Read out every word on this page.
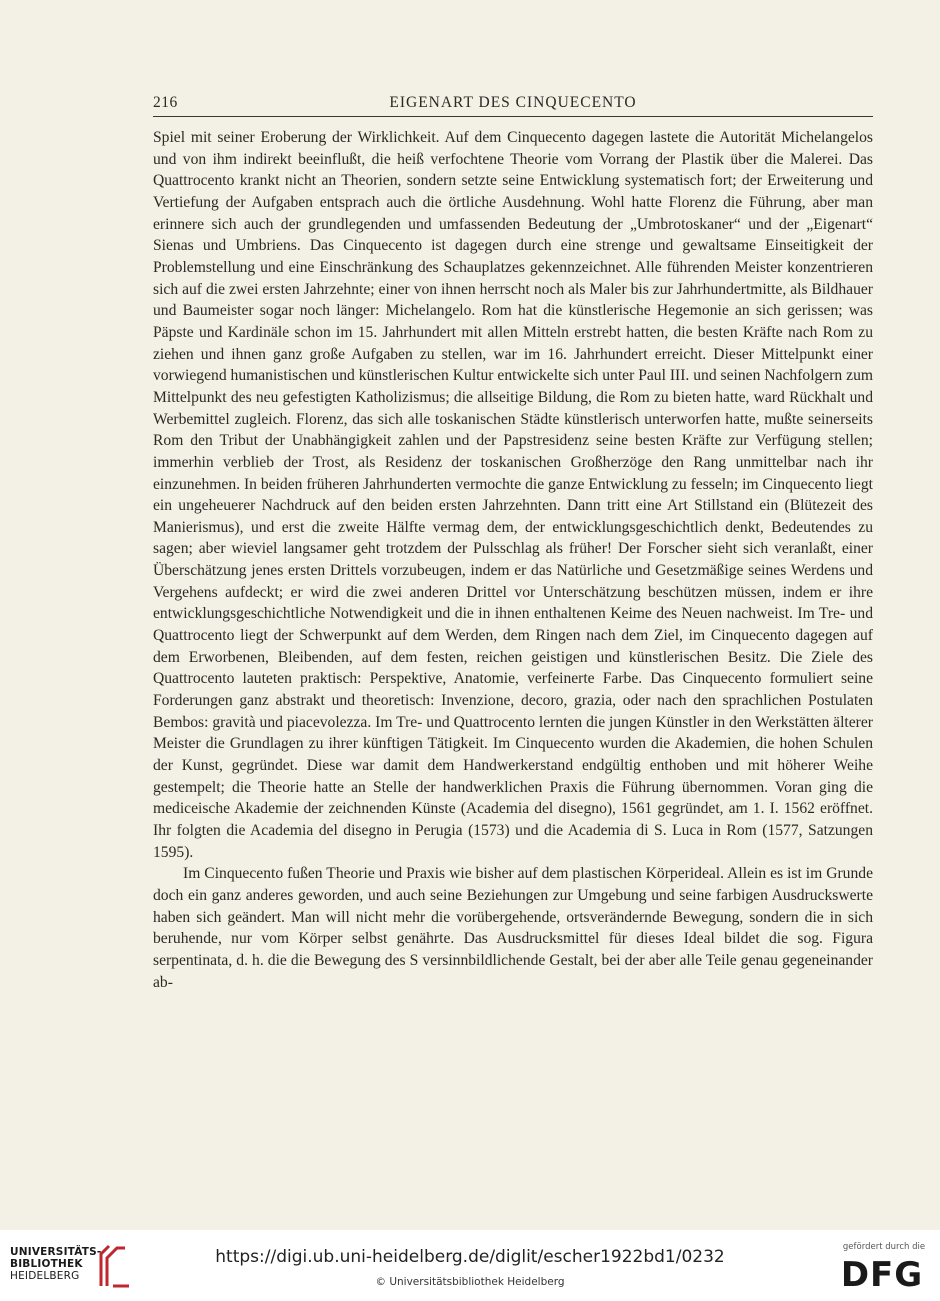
216	EIGENART DES CINQUECENTO

Spiel mit seiner Eroberung der Wirklichkeit. Auf dem Cinquecento dagegen lastete die Autorität Michelangelos und von ihm indirekt beeinflußt, die heiß verfochtene Theorie vom Vorrang der Plastik über die Malerei. Das Quattrocento krankt nicht an Theorien, sondern setzte seine Entwicklung systematisch fort; der Erweiterung und Vertiefung der Aufgaben entsprach auch die örtliche Ausdehnung. Wohl hatte Florenz die Führung, aber man erinnere sich auch der grundlegenden und umfassenden Bedeutung der „Umbrotoskaner“ und der „Eigenart“ Sienas und Umbriens. Das Cinquecento ist dagegen durch eine strenge und gewaltsame Einseitigkeit der Problemstellung und eine Einschränkung des Schauplatzes gekennzeichnet. Alle führenden Meister konzentrieren sich auf die zwei ersten Jahrzehnte; einer von ihnen herrscht noch als Maler bis zur Jahrhundertmitte, als Bildhauer und Baumeister sogar noch länger: Michelangelo. Rom hat die künstlerische Hegemonie an sich gerissen; was Päpste und Kardinäle schon im 15. Jahrhundert mit allen Mitteln erstrebt hatten, die besten Kräfte nach Rom zu ziehen und ihnen ganz große Aufgaben zu stellen, war im 16. Jahrhundert erreicht. Dieser Mittelpunkt einer vorwiegend humanistischen und künstlerischen Kultur entwickelte sich unter Paul III. und seinen Nachfolgern zum Mittelpunkt des neu gefestigten Katholizismus; die allseitige Bildung, die Rom zu bieten hatte, ward Rückhalt und Werbemittel zugleich. Florenz, das sich alle toskanischen Städte künstlerisch unterworfen hatte, mußte seinerseits Rom den Tribut der Unabhängigkeit zahlen und der Papstresidenz seine besten Kräfte zur Verfügung stellen; immerhin verblieb der Trost, als Residenz der toskanischen Großherzöge den Rang unmittelbar nach ihr einzunehmen. In beiden früheren Jahrhunderten vermochte die ganze Entwicklung zu fesseln; im Cinquecento liegt ein ungeheuerer Nachdruck auf den beiden ersten Jahrzehnten. Dann tritt eine Art Stillstand ein (Blütezeit des Manierismus), und erst die zweite Hälfte vermag dem, der entwicklungsgeschichtlich denkt, Bedeutendes zu sagen; aber wieviel langsamer geht trotzdem der Pulsschlag als früher! Der Forscher sieht sich veranlaßt, einer Überschätzung jenes ersten Drittels vorzubeugen, indem er das Natürliche und Gesetzmäßige seines Werdens und Vergehens aufdeckt; er wird die zwei anderen Drittel vor Unterschätzung beschützen müssen, indem er ihre entwicklungsgeschichtliche Notwendigkeit und die in ihnen enthaltenen Keime des Neuen nachweist. Im Tre- und Quattrocento liegt der Schwerpunkt auf dem Werden, dem Ringen nach dem Ziel, im Cinquecento dagegen auf dem Erworbenen, Bleibenden, auf dem festen, reichen geistigen und künstlerischen Besitz. Die Ziele des Quattrocento lauteten praktisch: Perspektive, Anatomie, verfeinerte Farbe. Das Cinquecento formuliert seine Forderungen ganz abstrakt und theoretisch: Invenzione, decoro, grazia, oder nach den sprachlichen Postulaten Bembos: gravità und piacevolezza. Im Tre- und Quattrocento lernten die jungen Künstler in den Werkstätten älterer Meister die Grundlagen zu ihrer künftigen Tätigkeit. Im Cinquecento wurden die Akademien, die hohen Schulen der Kunst, gegründet. Diese war damit dem Handwerkerstand endgültig enthoben und mit höherer Weihe gestempelt; die Theorie hatte an Stelle der handwerklichen Praxis die Führung übernommen. Voran ging die mediceische Akademie der zeichnenden Künste (Academia del disegno), 1561 gegründet, am 1. I. 1562 eröffnet. Ihr folgten die Academia del disegno in Perugia (1573) und die Academia di S. Luca in Rom (1577, Satzungen 1595).

Im Cinquecento fußen Theorie und Praxis wie bisher auf dem plastischen Körperideal. Allein es ist im Grunde doch ein ganz anderes geworden, und auch seine Beziehungen zur Umgebung und seine farbigen Ausdruckswerte haben sich geändert. Man will nicht mehr die vorübergehende, ortsverändernde Bewegung, sondern die in sich beruhende, nur vom Körper selbst genährte. Das Ausdrucksmittel für dieses Ideal bildet die sog. Figura serpentinata, d. h. die die Bewegung des S versinnbildlichende Gestalt, bei der aber alle Teile genau gegeneinander ab-

UNIVERSITÄTS-
BIBLIOTHEK
HEIDELBERG
https://digi.ub.uni-heidelberg.de/diglit/escher1922bd1/0232
© Universitätsbibliothek Heidelberg
gefördert durch die
DFG
